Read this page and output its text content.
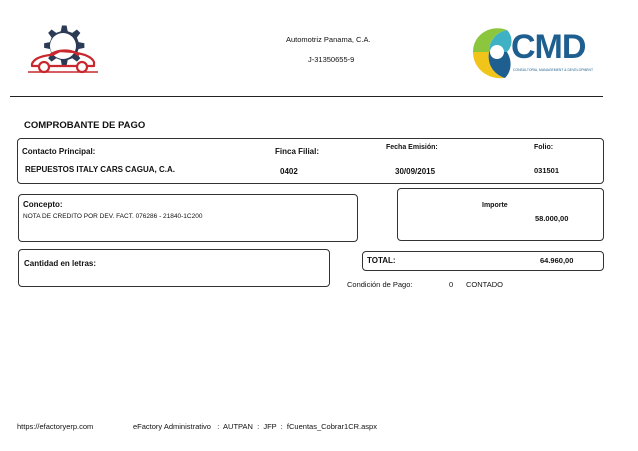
Automotriz Panama, C.A.
J-31350655-9	CMD
CONSULTORIA, MANAGEMENT & DEVELOPMENT
COMPROBANTE DE PAGO
Contacto Principal:
REPUESTOS ITALY CARS CAGUA, C.A.
Finca Filial:
0402
Fecha Emisión:
30/09/2015
Folio:
031501
Concepto:
NOTA DE CREDITO POR DEV. FACT. 076286 - 21840-1C200
Importe
58.000,00
Cantidad en letras:	TOTAL:	64.960,00
Condición de Pago:	0 CONTADO
https://efactoryerp.com	eFactory Administrativo   :  AUTPAN  :  JFP  :  fCuentas_Cobrar1CR.aspx
